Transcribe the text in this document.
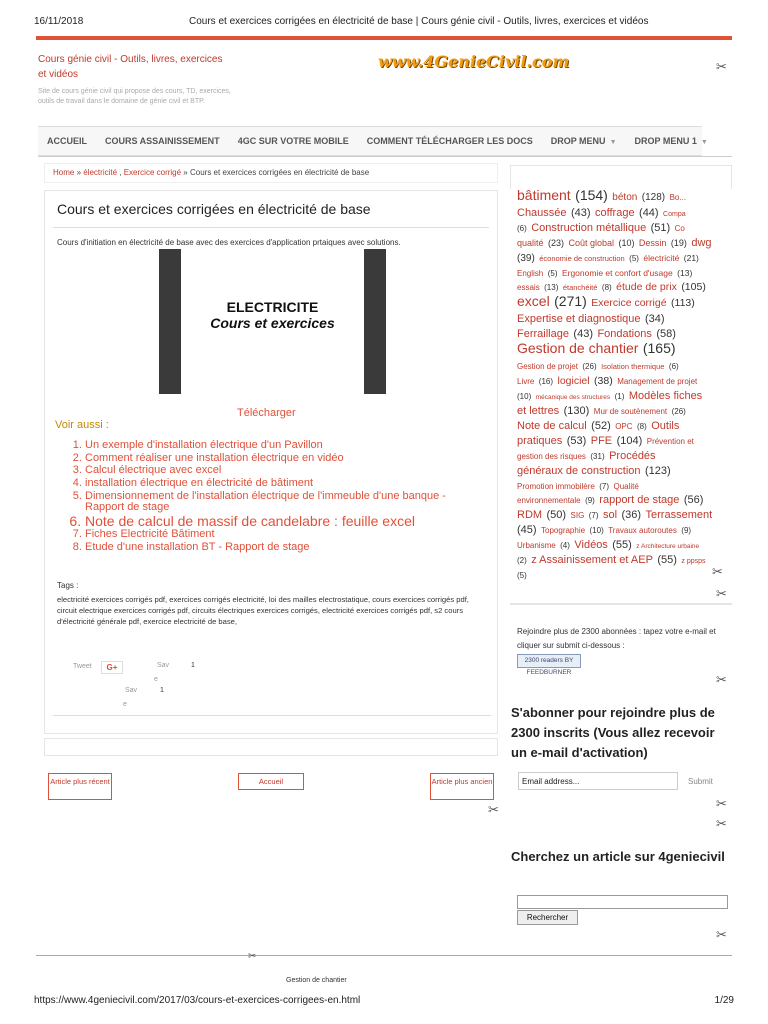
16/11/2018	Cours et exercices corrigées en électricité de base | Cours génie civil - Outils, livres, exercices et vidéos
Cours génie civil - Outils, livres, exercices et vidéos
Site de cours génie civil qui propose des cours, TD, exercices, outils de travail dans le domaine de génie civil et BTP.
www.4GenieCivil.com	✂
ACCUEIL	COURS ASSAINISSEMENT	4GC SUR VOTRE MOBILE	COMMENT TÉLÉCHARGER LES DOCS	DROP MENU ▼	DROP MENU 1 ▼
Home » électricité , Exercice corrigé » Cours et exercices corrigées en électricité de base
Cours et exercices corrigées en électricité de base
Cours d'initiation en électricité de base avec des exercices d'application prtaiques avec solutions.
ELECTRICITE
Cours et exercices
Télécharger
Voir aussi :
1. Un exemple d'installation électrique d'un Pavillon
2. Comment réaliser une installation électrique en vidéo
3. Calcul électrique avec excel
4. installation électrique en électricité de bâtiment
5. Dimensionnement de l'installation électrique de l'immeuble d'une banque - Rapport de stage
6. Note de calcul de massif de candelabre : feuille excel
7. Fiches Electricité Bâtiment
8. Etude d'une installation BT - Rapport de stage
Tags :
electricité exercices corrigés pdf, exercices corrigés electricité, loi des mailles electrostatique, cours exercices corrigés pdf, circuit electrique exercices corrigés pdf, circuits électriques exercices corrigés, electricité exercices corrigés pdf, s2 cours d'électricité générale pdf, exercice electricité de base,
Tweet	G+	Sav	1
e
Sav	1
e
Article plus récent	Accueil	Article plus ancien
✂
bâtiment (154) béton (128) Bo...
Chaussée (43) coffrage (44) Compa
(6) Construction métallique (51) Co
qualité (23) Coût global (10) Dessin (19) dwg
(39) économie de construction (5) électricité (21)
English (5) Ergonomie et confort d'usage (13)
essais (13) étanchéité (8) étude de prix (105)
excel (271) Exercice corrigé (113)
Expertise et diagnostique (34)
Ferraillage (43) Fondations (58)
Gestion de chantier (165)
Gestion de projet (26) Isolation thermique (6)
Livre (16) logiciel (38) Management de projet
(10) mécanique des structures (1) Modèles fiches
et lettres (130) Mur de soutènement (26)
Note de calcul (52) OPC (8) Outils
pratiques (53) PFE (104) Prévention et
gestion des risques (31) Procédés
généraux de construction (123)
Promotion immobilère (7) Qualité
environnementale (9) rapport de stage (56)
RDM (50) SIG (7) sol (36) Terrassement
(45) Topographie (10) Travaux autoroutes (9)
Urbanisme (4) Vidéos (55) z Architecture urbaine
(2) z Assainissement et AEP (55) z ppsps
(5)	✂
✂
Rejoindre plus de 2300 abonnées : tapez votre e-mail et cliquer sur submit ci-dessous :
2300 readers BY FEEDBURNER	✂
S'abonner pour rejoindre plus de 2300 inscrits (Vous allez recevoir un e-mail d'activation)
Email address...
Submit
✂
✂
Cherchez un article sur 4geniecivil
Rechercher
✂
✂
Gestion de chantier
https://www.4geniecivil.com/2017/03/cours-et-exercices-corrigees-en.html	1/29
